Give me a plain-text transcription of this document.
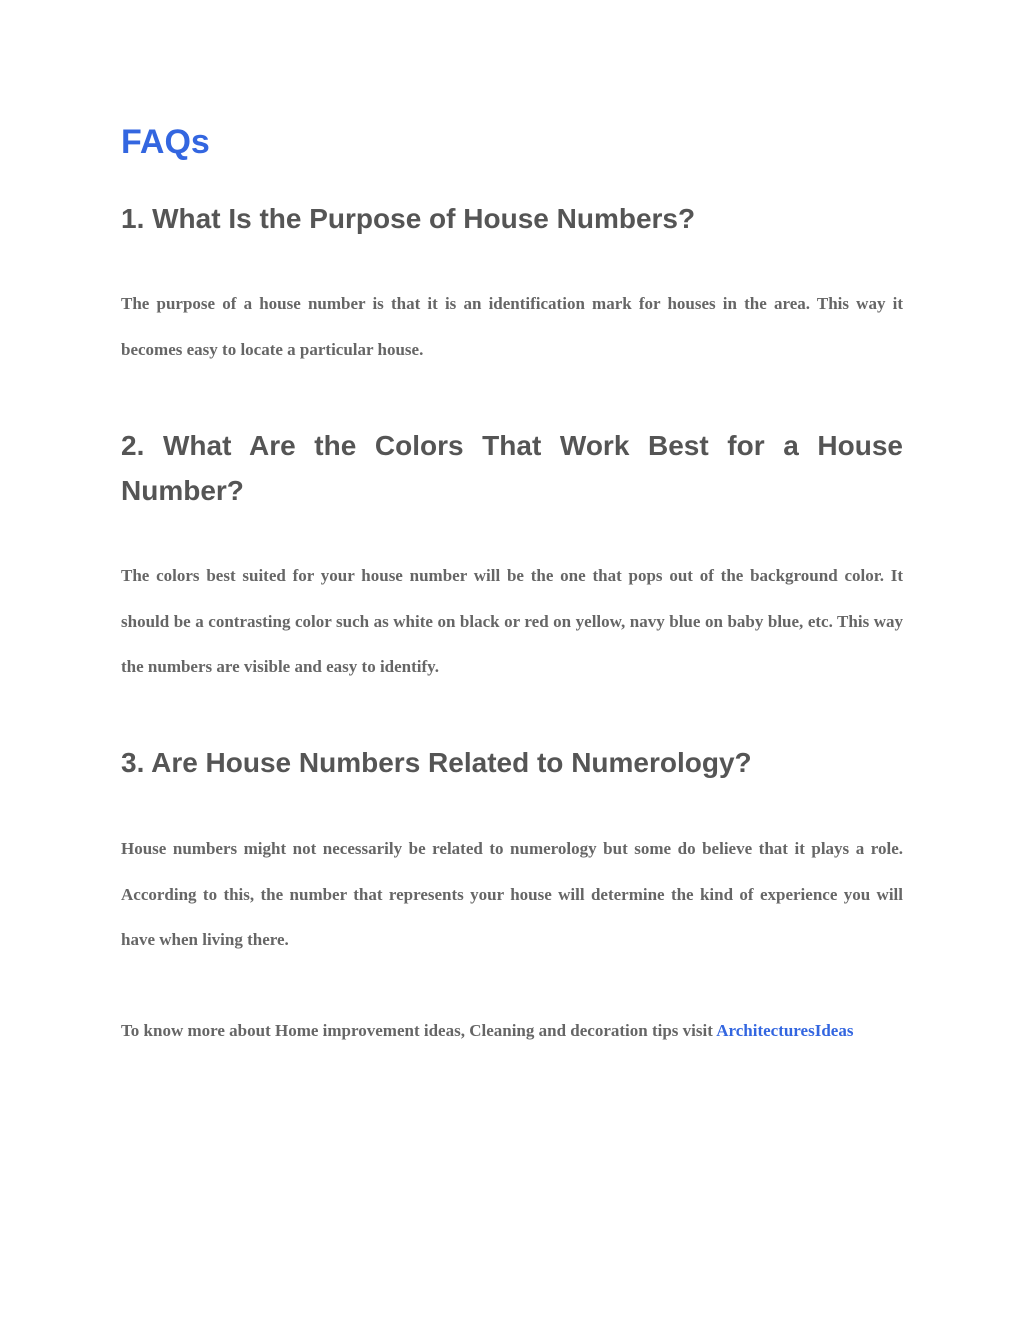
FAQs
1. What Is the Purpose of House Numbers?

The purpose of a house number is that it is an identification mark for houses in the area. This way it becomes easy to locate a particular house.

2. What Are the Colors That Work Best for a House Number?

The colors best suited for your house number will be the one that pops out of the background color. It should be a contrasting color such as white on black or red on yellow, navy blue on baby blue, etc. This way the numbers are visible and easy to identify.

3. Are House Numbers Related to Numerology?

House numbers might not necessarily be related to numerology but some do believe that it plays a role. According to this, the number that represents your house will determine the kind of experience you will have when living there.

To know more about Home improvement ideas, Cleaning and decoration tips visit ArchitecturesIdeas
